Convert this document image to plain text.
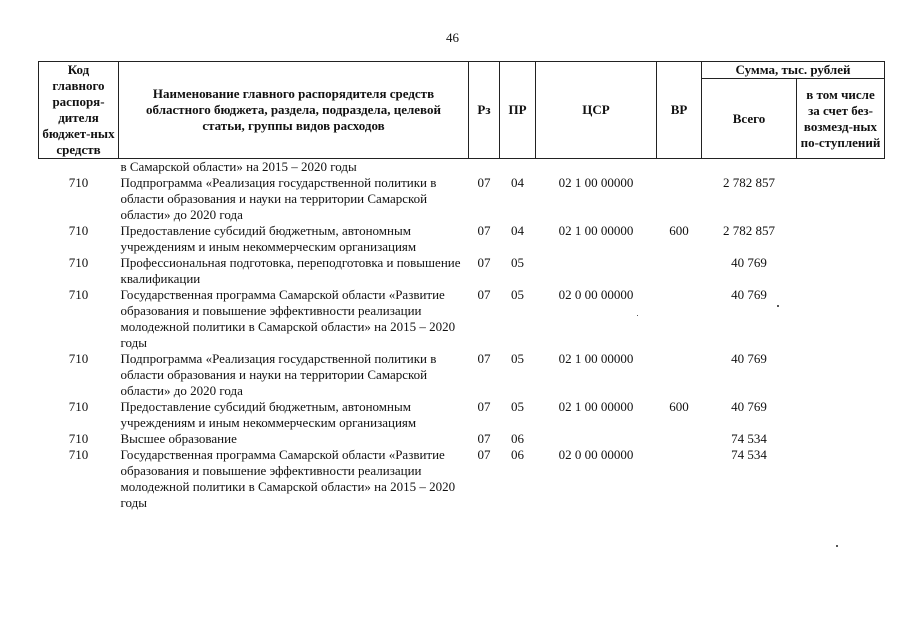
46
Код главного распоря-дителя бюджет-ных средств	Наименование главного распорядителя средств областного бюджета, раздела, подраздела, целевой статьи, группы видов расходов	Рз	ПР	ЦСР	ВР	Сумма, тыс. рублей	
						Всего	в том числе за счет без-возмезд-ных по-ступлений
	в Самарской области» на 2015 – 2020 годы						
710	Подпрограмма «Реализация государственной политики в области образования и науки на территории Самарской области» до 2020 года	07	04	02 1 00 00000		2 782 857	
710	Предоставление субсидий бюджетным, автономным учреждениям и иным некоммерческим организациям	07	04	02 1 00 00000	600	2 782 857	
710	Профессиональная подготовка, переподготовка и повышение квалификации	07	05			40 769	
710	Государственная программа Самарской области «Развитие образования и повышение эффективности реализации молодежной политики в Самарской области» на 2015 – 2020 годы	07	05	02 0 00 00000		40 769	
710	Подпрограмма «Реализация государственной политики в области образования и науки на территории Самарской области» до 2020 года	07	05	02 1 00 00000		40 769	
710	Предоставление субсидий бюджетным, автономным учреждениям и иным некоммерческим организациям	07	05	02 1 00 00000	600	40 769	
710	Высшее образование	07	06			74 534	
710	Государственная программа Самарской области «Развитие образования и повышение эффективности реализации молодежной политики в Самарской области» на 2015 – 2020 годы	07	06	02 0 00 00000		74 534	
